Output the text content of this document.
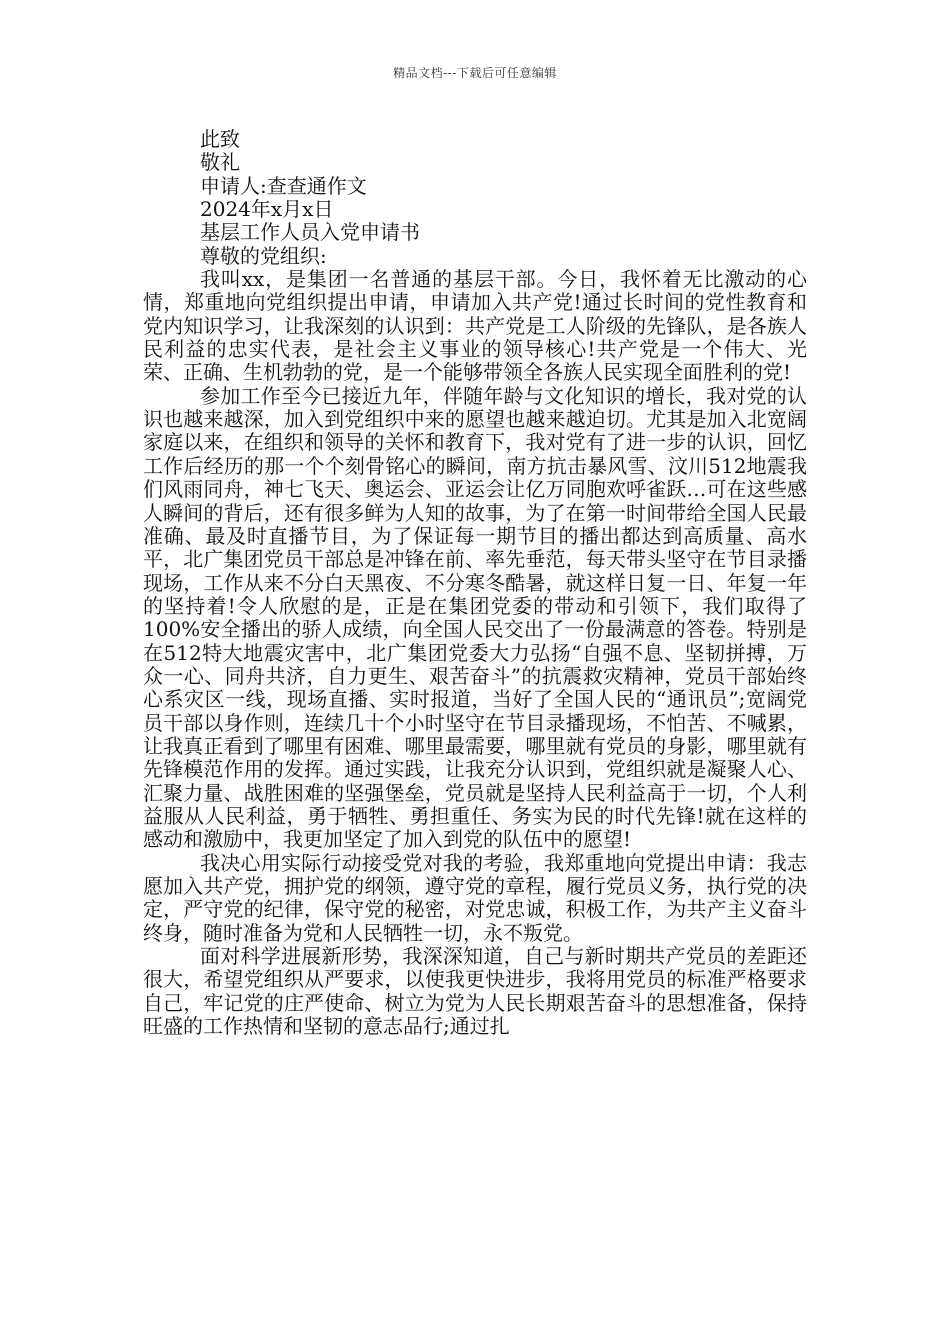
精品文档---下载后可任意编辑
此致
敬礼
申请人:查查通作文
2024年x月x日
基层工作人员入党申请书
尊敬的党组织:

我叫xx，是集团一名普通的基层干部。今日，我怀着无比激动的心情，郑重地向党组织提出申请，申请加入共产党!通过长时间的党性教育和党内知识学习，让我深刻的认识到：共产党是工人阶级的先锋队，是各族人民利益的忠实代表，是社会主义事业的领导核心!共产党是一个伟大、光荣、正确、生机勃勃的党，是一个能够带领全各族人民实现全面胜利的党!

参加工作至今已接近九年，伴随年龄与文化知识的增长，我对党的认识也越来越深，加入到党组织中来的愿望也越来越迫切。尤其是加入北宽阔家庭以来，在组织和领导的关怀和教育下，我对党有了进一步的认识，回忆工作后经历的那一个个刻骨铭心的瞬间，南方抗击暴风雪、汶川512地震我们风雨同舟，神七飞天、奥运会、亚运会让亿万同胞欢呼雀跃…可在这些感人瞬间的背后，还有很多鲜为人知的故事，为了在第一时间带给全国人民最准确、最及时直播节目，为了保证每一期节目的播出都达到高质量、高水平，北广集团党员干部总是冲锋在前、率先垂范，每天带头坚守在节目录播现场，工作从来不分白天黑夜、不分寒冬酷暑，就这样日复一日、年复一年的坚持着!令人欣慰的是，正是在集团党委的带动和引领下，我们取得了100%安全播出的骄人成绩，向全国人民交出了一份最满意的答卷。特别是在512特大地震灾害中，北广集团党委大力弘扬“自强不息、坚韧拼搏，万众一心、同舟共济，自力更生、艰苦奋斗”的抗震救灾精神，党员干部始终心系灾区一线，现场直播、实时报道，当好了全国人民的“通讯员”;宽阔党员干部以身作则，连续几十个小时坚守在节目录播现场，不怕苦、不喊累，让我真正看到了哪里有困难、哪里最需要，哪里就有党员的身影，哪里就有先锋模范作用的发挥。通过实践，让我充分认识到，党组织就是凝聚人心、汇聚力量、战胜困难的坚强堡垒，党员就是坚持人民利益高于一切，个人利益服从人民利益，勇于牺牲、勇担重任、务实为民的时代先锋!就在这样的感动和激励中，我更加坚定了加入到党的队伍中的愿望!

我决心用实际行动接受党对我的考验，我郑重地向党提出申请：我志愿加入共产党，拥护党的纲领，遵守党的章程，履行党员义务，执行党的决定，严守党的纪律，保守党的秘密，对党忠诚，积极工作，为共产主义奋斗终身，随时准备为党和人民牺牲一切，永不叛党。

面对科学进展新形势，我深深知道，自己与新时期共产党员的差距还很大，希望党组织从严要求，以使我更快进步，我将用党员的标准严格要求自己，牢记党的庄严使命、树立为党为人民长期艰苦奋斗的思想准备，保持旺盛的工作热情和坚韧的意志品行;通过扎
